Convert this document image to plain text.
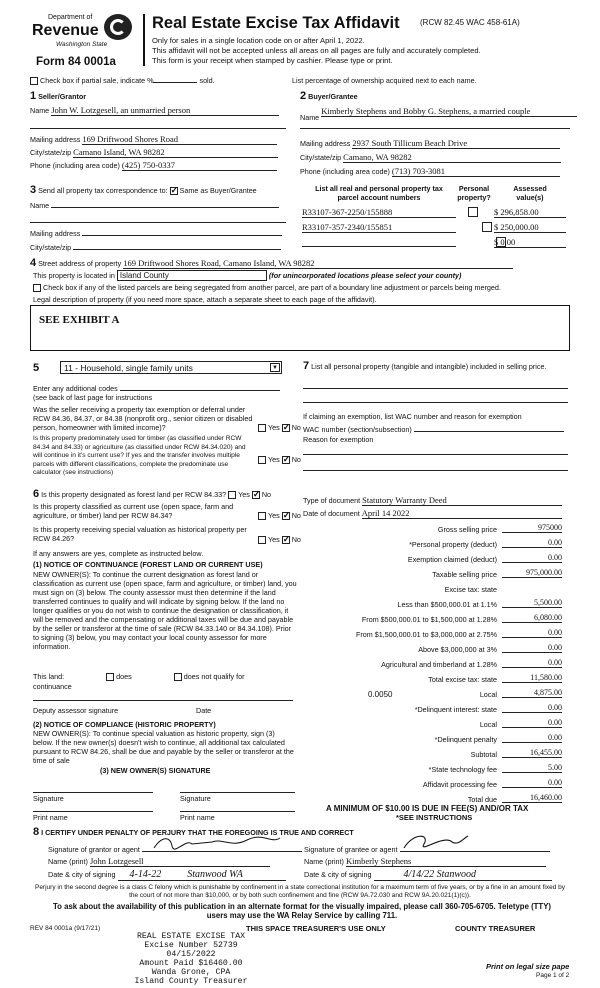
Department of
Revenue
Washington State
Form 84 0001a
Real Estate Excise Tax Affidavit	(RCW 82.45 WAC 458-61A)
Only for sales in a single location code on or after April 1, 2022.
This affidavit will not be accepted unless all areas on all pages are fully and accurately completed.
This form is your receipt when stamped by cashier. Please type or print.
Check box if partial sale, indicate %	sold.	List percentage of ownership acquired next to each name.
1 Seller/Grantor
Name John W. Lotzgesell, an unmarried person
Mailing address 169 Driftwood Shores Road
City/state/zip Camano Island, WA 98282
Phone (including area code) (425) 750-0337
2 Buyer/Grantee
Name Kimberly Stephens and Bobby G. Stephens, a married couple
Mailing address 2937 South Tillicum Beach Drive
City/state/zip Camano, WA 98282
Phone (including area code) (713) 703-3081
3 Send all property tax correspondence to: ✓ Same as Buyer/Grantee
Name
Mailing address
City/state/zip
List all real and personal property tax parcel account numbers
Personal property?
Assessed value(s)
R33107-367-2250/155888
	$ 296,858.00
R33107-357-2340/155851
	$ 250,000.00
$ 0.00
4 Street address of property 169 Driftwood Shores Road, Camano Island, WA 98282
This property is located in Island County	(for unincorporated locations please select your county)
Check box if any of the listed parcels are being segregated from another parcel, are part of a boundary line adjustment or parcels being merged.
Legal description of property (if you need more space, attach a separate sheet to each page of the affidavit).
SEE EXHIBIT A
5	11 - Household, single family units	▼
Enter any additional codes
(see back of last page for instructions
Was the seller receiving a property tax exemption or deferral under RCW 84.36, 84.37, or 84.38 (nonprofit org., senior citizen or disabled person, homeowner with limited income)?	Yes ✓ No
Is this property predominately used for timber (as classified under RCW 84.34 and 84.33) or agriculture (as classified under RCW 84.34.020) and will continue in it's current use? If yes and the transfer involves multiple parcels with different classifications, complete the predominate use calculator (see instructions)
Yes ✓ No
6 Is this property designated as forest land per RCW 84.33? Yes ✓ No
Is this property classified as current use (open space, farm and agriculture, or timber) land per RCW 84.34?	Yes ✓ No
Is this property receiving special valuation as historical property per RCW 84.26?	Yes ✓ No
If any answers are yes, complete as instructed below.
(1) NOTICE OF CONTINUANCE (FOREST LAND OR CURRENT USE)
NEW OWNER(S): To continue the current designation as forest land or classification as current use (open space, farm and agriculture, or timber) land, you must sign on (3) below. The county assessor must then determine if the land transferred continues to qualify and will indicate by signing below. If the land no longer qualifies or you do not wish to continue the designation or classification, it will be removed and the compensating or additional taxes will be due and payable by the seller or transferor at the time of sale (RCW 84.33.140 or 84.34.108). Prior to signing (3) below, you may contact your local county assessor for more information.
This land:	does	does not qualify for
continuance
Deputy assessor signature	Date
(2) NOTICE OF COMPLIANCE (HISTORIC PROPERTY)
NEW OWNER(S): To continue special valuation as historic property, sign (3) below. If the new owner(s) doesn't wish to continue, all additional tax calculated pursuant to RCW 84.26, shall be due and payable by the seller or transferor at the time of sale
(3) NEW OWNER(S) SIGNATURE
Signature	Signature
Print name	Print name
7 List all personal property (tangible and intangible) included in selling price.
If claiming an exemption, list WAC number and reason for exemption
WAC number (section/subsection)
Reason for exemption
Type of document Statutory Warranty Deed
Date of document April 14 2022
Gross selling price	975000
*Personal property (deduct)	0.00
Exemption claimed (deduct)	0.00
Taxable selling price	975,000.00
Excise tax: state
Less than $500,000.01 at 1.1%	5,500.00
From $500,000.01 to $1,500,000 at 1.28%	6,080.00
From $1,500,000.01 to $3,000,000 at 2.75%	0.00
Above $3,000,000 at 3%	0.00
Agricultural and timberland at 1.28%	0.00
Total excise tax: state	11,580.00
0.0050	Local	4,875.00
*Delinquent interest: state	0.00
Local	0.00
*Delinquent penalty	0.00
Subtotal	16,455.00
*State technology fee	5.00
Affidavit processing fee	0.00
Total due	16,460.00
A MINIMUM OF $10.00 IS DUE IN FEE(S) AND/OR TAX
*SEE INSTRUCTIONS
8 I CERTIFY UNDER PENALTY OF PERJURY THAT THE FOREGOING IS TRUE AND CORRECT
Signature of grantor or agent
Name (print) John Lotzgesell
Date & city of signing 4-14-22	Stanwood WA
Signature of grantee or agent
Name (print) Kimberly Stephens
Date & city of signing	4/14/22 Stanwood
Perjury in the second degree is a class C felony which is punishable by confinement in a state correctional institution for a maximum term of five years, or by a fine in an amount fixed by the court of not more than $10,000, or by both such confinement and fine (RCW 9A.72.030 and RCW 9A.20.021(1)(c)).
To ask about the availability of this publication in an alternate format for the visually impaired, please call 360-705-6705. Teletype (TTY) users may use the WA Relay Service by calling 711.
REV 84 0001a (9/17/21)	THIS SPACE TREASURER'S USE ONLY	COUNTY TREASURER
REAL ESTATE EXCISE TAX
Excise Number 52739
04/15/2022
Amount Paid $16460.00
Wanda Grone, CPA
Island County Treasurer
Print on legal size pape
Page 1 of 2
